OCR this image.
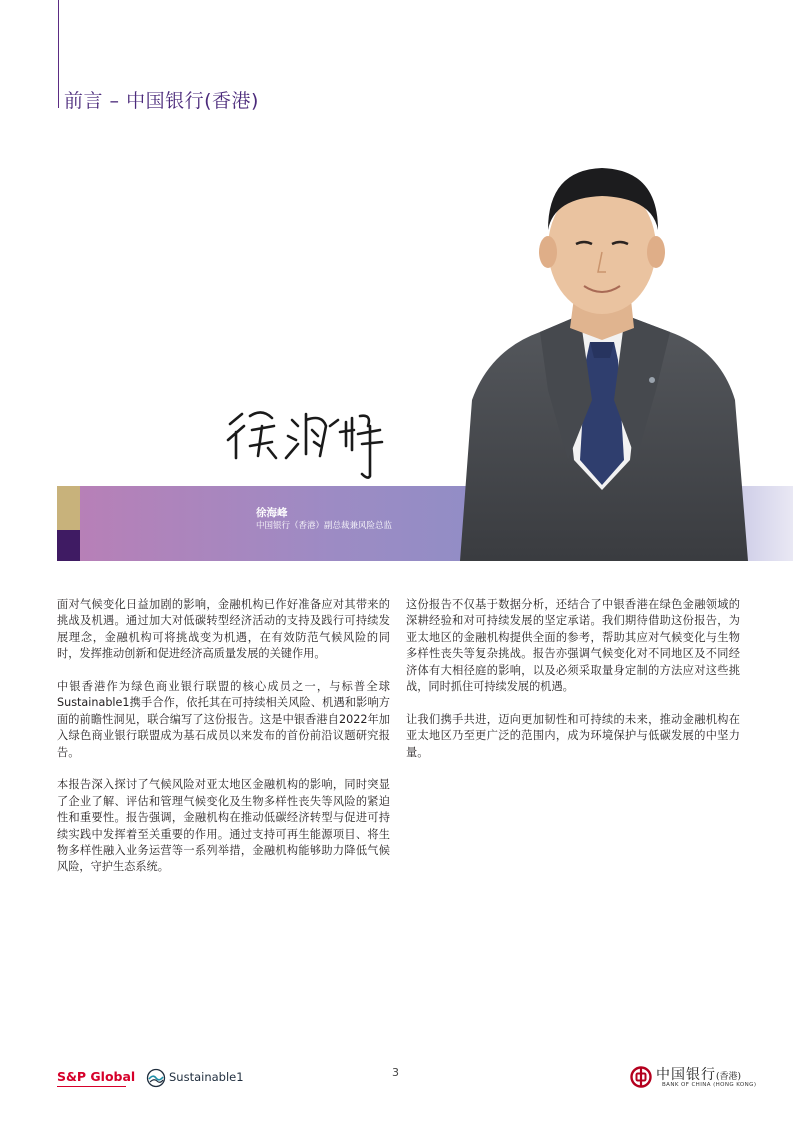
前言 – 中国银行(香港)
徐海峰
中国银行（香港）副总裁兼风险总监

面对气候变化日益加剧的影响，金融机构已作好准备应对其带来的挑战及机遇。通过加大对低碳转型经济活动的支持及践行可持续发展理念，金融机构可将挑战变为机遇，在有效防范气候风险的同时，发挥推动创新和促进经济高质量发展的关键作用。

中银香港作为绿色商业银行联盟的核心成员之一，与标普全球Sustainable1携手合作，依托其在可持续相关风险、机遇和影响方面的前瞻性洞见，联合编写了这份报告。这是中银香港自2022年加入绿色商业银行联盟成为基石成员以来发布的首份前沿议题研究报告。

本报告深入探讨了气候风险对亚太地区金融机构的影响，同时突显了企业了解、评估和管理气候变化及生物多样性丧失等风险的紧迫性和重要性。报告强调，金融机构在推动低碳经济转型与促进可持续实践中发挥着至关重要的作用。通过支持可再生能源项目、将生物多样性融入业务运营等一系列举措，金融机构能够助力降低气候风险，守护生态系统。

这份报告不仅基于数据分析，还结合了中银香港在绿色金融领域的深耕经验和对可持续发展的坚定承诺。我们期待借助这份报告，为亚太地区的金融机构提供全面的参考，帮助其应对气候变化与生物多样性丧失等复杂挑战。报告亦强调气候变化对不同地区及不同经济体有大相径庭的影响，以及必须采取量身定制的方法应对这些挑战，同时抓住可持续发展的机遇。

让我们携手共进，迈向更加韧性和可持续的未来，推动金融机构在亚太地区乃至更广泛的范围内，成为环境保护与低碳发展的中坚力量。

S&P Global	Sustainable1	3	中国银行(香港)
BANK OF CHINA (HONG KONG)
